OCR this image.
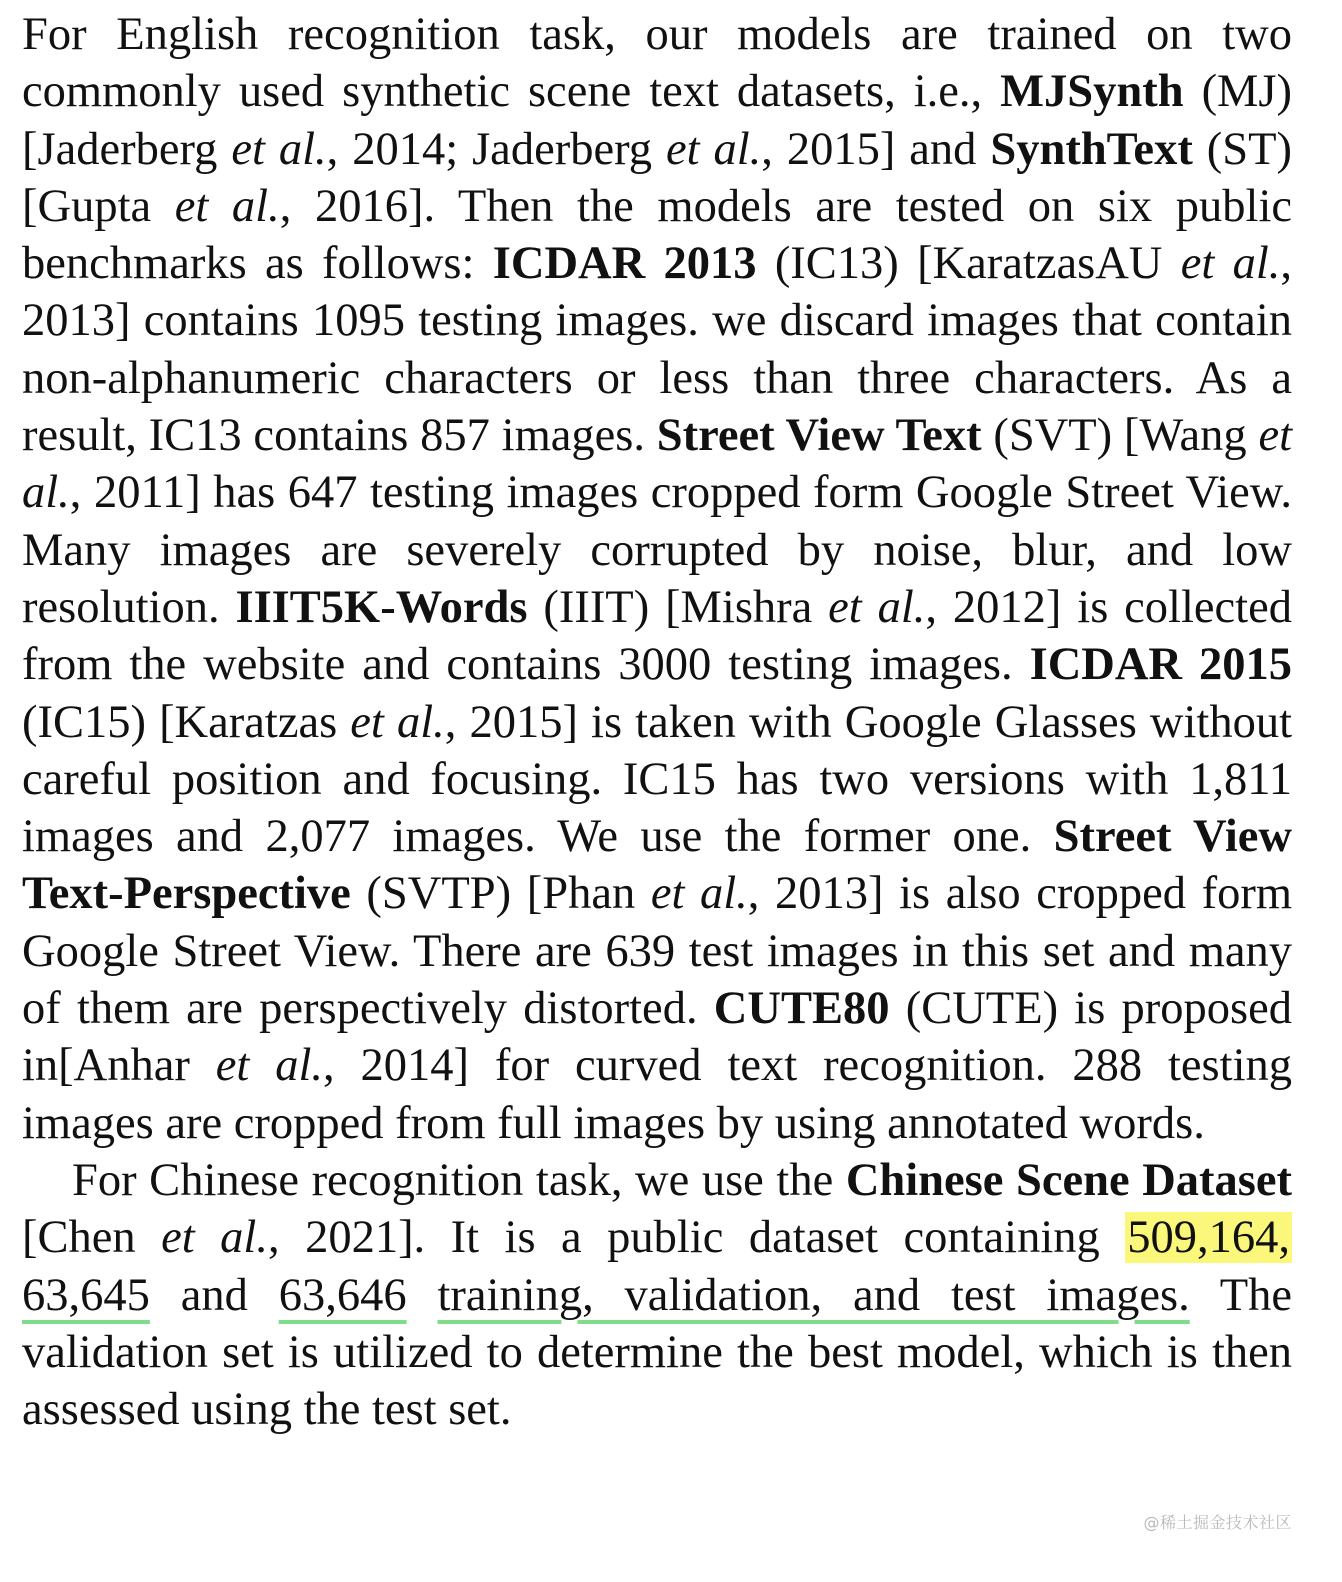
For English recognition task, our models are trained on two commonly used synthetic scene text datasets, i.e., MJSynth (MJ) [Jaderberg et al., 2014; Jaderberg et al., 2015] and SynthText (ST) [Gupta et al., 2016]. Then the models are tested on six public benchmarks as follows: ICDAR 2013 (IC13) [KaratzasAU et al., 2013] contains 1095 testing images. we discard images that contain non-alphanumeric characters or less than three characters. As a result, IC13 contains 857 images. Street View Text (SVT) [Wang et al., 2011] has 647 testing images cropped form Google Street View. Many images are severely corrupted by noise, blur, and low resolution. IIIT5K-Words (IIIT) [Mishra et al., 2012] is collected from the website and contains 3000 testing images. ICDAR 2015 (IC15) [Karatzas et al., 2015] is taken with Google Glasses without careful position and focusing. IC15 has two versions with 1,811 images and 2,077 images. We use the former one. Street View Text-Perspective (SVTP) [Phan et al., 2013] is also cropped form Google Street View. There are 639 test images in this set and many of them are perspectively distorted. CUTE80 (CUTE) is proposed in[Anhar et al., 2014] for curved text recognition. 288 testing images are cropped from full images by using annotated words.

For Chinese recognition task, we use the Chinese Scene Dataset [Chen et al., 2021]. It is a public dataset containing 509,164, 63,645 and 63,646 training, validation, and test images. The validation set is utilized to determine the best model, which is then assessed using the test set.

@稀土掘金技术社区
